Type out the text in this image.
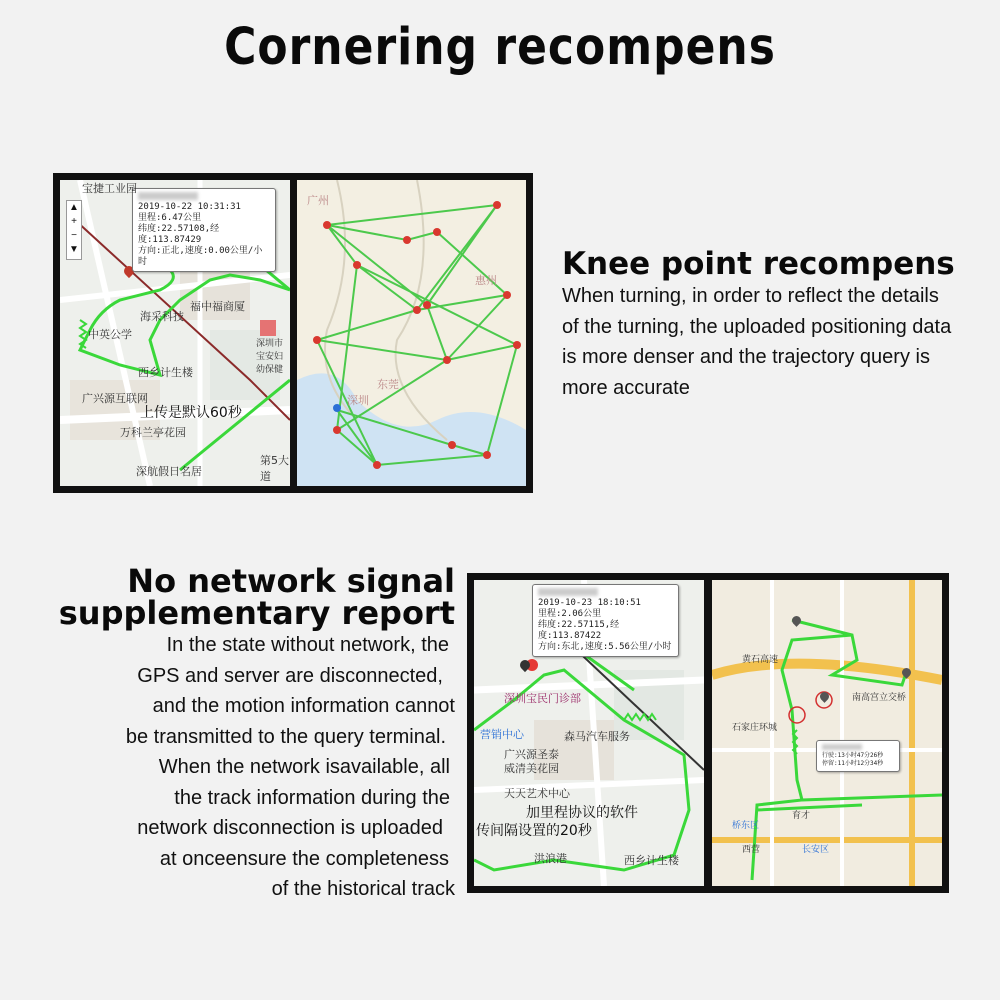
Cornering recompens
▲
+
−
▼
2019-10-22 10:31:31
里程:6.47公里
纬度:22.57108,经度:113.87429
方向:正北,速度:0.00公里/小时
宝捷工业园
福中福商厦
中英公学
海采科技
西乡计生楼
广兴源互联网
上传是默认60秒
万科兰亭花园
深航假日名居
深圳市宝安妇幼保健
第5大道
惠州
东莞
深圳
广州
Knee point recompens
When turning, in order to reflect the details of the turning, the uploaded positioning data is more denser and the trajectory query is more accurate
No network signal
supplementary report
In the state without network, the
GPS and server are disconnected,
and the motion information cannot
be transmitted to the query terminal.
When the network isavailable, all
the track information during the
network disconnection is uploaded
at onceensure the completeness
of the historical track
2019-10-23 18:10:51
里程:2.06公里
纬度:22.57115,经度:113.87422
方向:东北,速度:5.56公里/小时
深圳宝民门诊部
营销中心	森马汽车服务
广兴源圣泰
威清美花园
天天艺术中心
加里程协议的软件
传间隔设置的20秒
洪浪港	西乡计生楼
行驶:13小时47分26秒
停留:11小时12分34秒
黄石高速
南高宫立交桥
石家庄环城
育才
西营	长安区
桥东区
